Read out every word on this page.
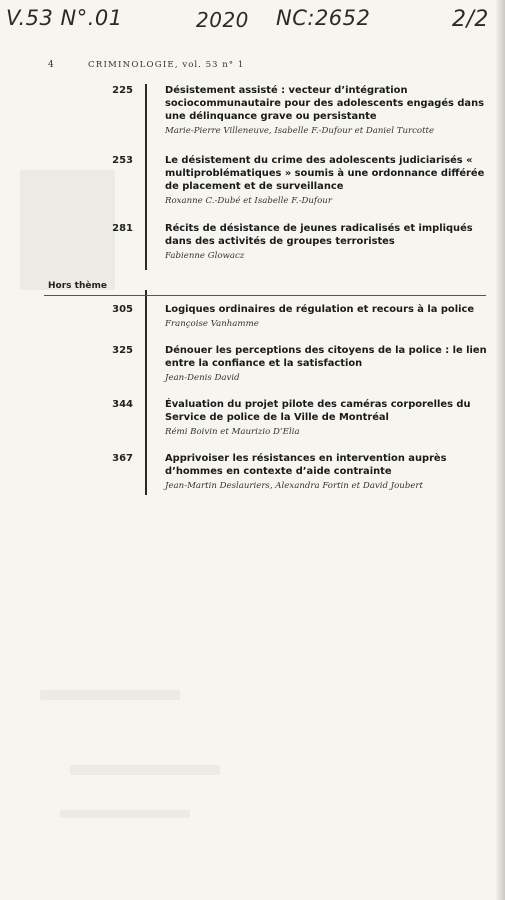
V.53 N°.01	2020 NC:2652	2/2
4	CRIMINOLOGIE, vol. 53 n° 1
Hors thème
225	Désistement assisté : vecteur d’intégration sociocommunautaire pour des adolescents engagés dans une délinquance grave ou persistante
Marie-Pierre Villeneuve, Isabelle F.-Dufour et Daniel Turcotte
253	Le désistement du crime des adolescents judiciarisés « multiproblématiques » soumis à une ordonnance différée de placement et de surveillance
Roxanne C.-Dubé et Isabelle F.-Dufour
281	Récits de désistance de jeunes radicalisés et impliqués dans des activités de groupes terroristes
Fabienne Glowacz
305	Logiques ordinaires de régulation et recours à la police
Françoise Vanhamme
325	Dénouer les perceptions des citoyens de la police : le lien entre la confiance et la satisfaction
Jean-Denis David
344	Évaluation du projet pilote des caméras corporelles du Service de police de la Ville de Montréal
Rémi Boivin et Maurizio D’Elia
367	Apprivoiser les résistances en intervention auprès d’hommes en contexte d’aide contrainte
Jean-Martin Deslauriers, Alexandra Fortin et David Joubert
